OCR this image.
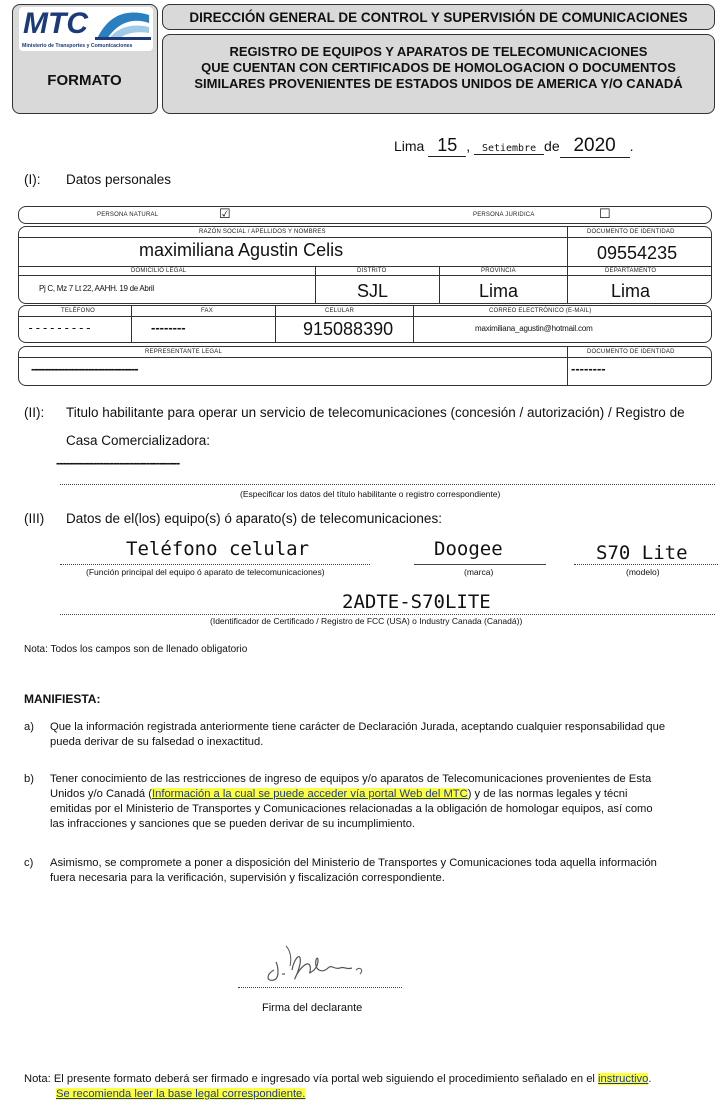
MTC
Ministerio de Transportes y Comunicaciones
FORMATO
DIRECCIÓN GENERAL DE CONTROL Y SUPERVISIÓN DE COMUNICACIONES
REGISTRO DE EQUIPOS Y APARATOS DE TELECOMUNICACIONES
QUE CUENTAN CON CERTIFICADOS DE HOMOLOGACION O DOCUMENTOS
SIMILARES PROVENIENTES DE ESTADOS UNIDOS DE AMERICA Y/O CANADÁ
Lima 15 , Setiembre de 2020 .
(I): Datos personales
PERSONA NATURAL	☑	PERSONA JURIDICA	☐
RAZÓN SOCIAL / APELLIDOS Y NOMBRES	DOCUMENTO DE IDENTIDAD
maximiliana Agustin Celis	09554235
DOMICILIO LEGAL	DISTRITO	PROVINCIA	DEPARTAMENTO
Pj C, Mz 7 Lt 22, AAHH. 19 de Abril	SJL	Lima	Lima
TELÉFONO	FAX	CELULAR	CORREO ELECTRÓNICO (E-MAIL)
---------	--------	915088390	maximiliana_agustin@hotmail.com
REPRESENTANTE LEGAL	DOCUMENTO DE IDENTIDAD
--------------------------------	--------
(II): Titulo habilitante para operar un servicio de telecomunicaciones (concesión / autorización) / Registro de
Casa Comercializadora:
-------------------------------------
(Especificar los datos del título habilitante o registro correspondiente)
(III) Datos de el(los) equipo(s) ó aparato(s) de telecomunicaciones:
Teléfono celular
(Función principal del equipo ó aparato de telecomunicaciones)
Doogee
(marca)
S70 Lite
(modelo)
2ADTE-S70LITE
(Identificador de Certificado / Registro de FCC (USA) o Industry Canada (Canadá))
Nota: Todos los campos son de llenado obligatorio
MANIFIESTA:
a) Que la información registrada anteriormente tiene carácter de Declaración Jurada, aceptando cualquier responsabilidad que
pueda derivar de su falsedad o inexactitud.
b) Tener conocimiento de las restricciones de ingreso de equipos y/o aparatos de Telecomunicaciones provenientes de Esta
Unidos y/o Canadá (Información a la cual se puede acceder vía portal Web del MTC) y de las normas legales y técni
emitidas por el Ministerio de Transportes y Comunicaciones relacionadas a la obligación de homologar equipos, así como
las infracciones y sanciones que se pueden derivar de su incumplimiento.
c) Asimismo, se compromete a poner a disposición del Ministerio de Transportes y Comunicaciones toda aquella información
fuera necesaria para la verificación, supervisión y fiscalización correspondiente.
Firma del declarante
Nota: El presente formato deberá ser firmado e ingresado vía portal web siguiendo el procedimiento señalado en el instructivo.
Se recomienda leer la base legal correspondiente.
